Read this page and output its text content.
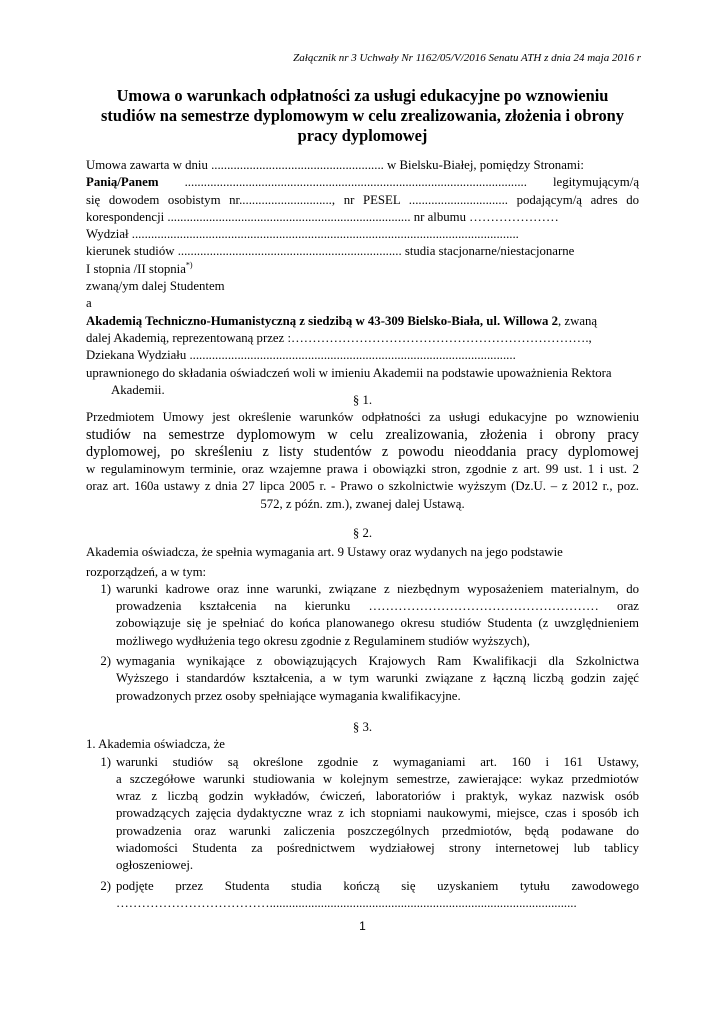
Załącznik nr 3 Uchwały Nr 1162/05/V/2016 Senatu ATH z dnia 24 maja 2016 r
Umowa o warunkach odpłatności za usługi edukacyjne po wznowieniu
studiów na semestrze dyplomowym w celu zrealizowania, złożenia i obrony
pracy dyplomowej
Umowa zawarta w dniu ...................................................... w Bielsku-Białej, pomiędzy Stronami:
Panią/Panem ........................................................................................................... legitymującym/ą
się dowodem osobistym nr............................., nr PESEL ............................... podającym/ą adres do
korespondencji ............................................................................ nr albumu …………………
Wydział .........................................................................................................................
kierunek studiów ...................................................................... studia stacjonarne/niestacjonarne
I stopnia /II stopnia*)
zwaną/ym dalej Studentem
a
Akademią Techniczno-Humanistyczną z siedzibą w 43-309 Bielsko-Biała, ul. Willowa 2, zwaną
dalej Akademią, reprezentowaną przez :…………………………………………………………….,
Dziekana Wydziału ......................................................................................................
uprawnionego do składania oświadczeń woli w imieniu Akademii na podstawie upoważnienia Rektora
Akademii.
§ 1.
Przedmiotem Umowy jest określenie warunków odpłatności za usługi edukacyjne po wznowieniu
studiów na semestrze dyplomowym w celu zrealizowania, złożenia i obrony pracy
dyplomowej, po skreśleniu z listy studentów z powodu nieoddania pracy dyplomowej
w regulaminowym terminie, oraz wzajemne prawa i obowiązki stron, zgodnie z art. 99 ust. 1 i ust. 2
oraz art. 160a ustawy z dnia 27 lipca 2005 r. - Prawo o szkolnictwie wyższym (Dz.U. – z 2012 r., poz.
572, z późn. zm.), zwanej dalej Ustawą.
§ 2.
Akademia oświadcza, że spełnia wymagania art. 9 Ustawy oraz wydanych na jego podstawie
rozporządzeń, a w tym:
1) warunki kadrowe oraz inne warunki, związane z niezbędnym wyposażeniem materialnym, do
prowadzenia kształcenia na kierunku ……………………………………………… oraz
zobowiązuje się je spełniać do końca planowanego okresu studiów Studenta (z uwzględnieniem
możliwego wydłużenia tego okresu zgodnie z Regulaminem studiów wyższych),
2) wymagania wynikające z obowiązujących Krajowych Ram Kwalifikacji dla Szkolnictwa
Wyższego i standardów kształcenia, a w tym warunki związane z łączną liczbą godzin zajęć
prowadzonych przez osoby spełniające wymagania kwalifikacyjne.
§ 3.
1. Akademia oświadcza, że
1) warunki studiów są określone zgodnie z wymaganiami art. 160 i 161 Ustawy,
a szczegółowe warunki studiowania w kolejnym semestrze, zawierające: wykaz przedmiotów
wraz z liczbą godzin wykładów, ćwiczeń, laboratoriów i praktyk, wykaz nazwisk osób
prowadzących zajęcia dydaktyczne wraz z ich stopniami naukowymi, miejsce, czas i sposób ich
prowadzenia oraz warunki zaliczenia poszczególnych przedmiotów, będą podawane do
wiadomości Studenta za pośrednictwem wydziałowej strony internetowej lub tablicy
ogłoszeniowej.
2) podjęte przez Studenta studia kończą się uzyskaniem tytułu zawodowego
………………………………................................................................................................
1
